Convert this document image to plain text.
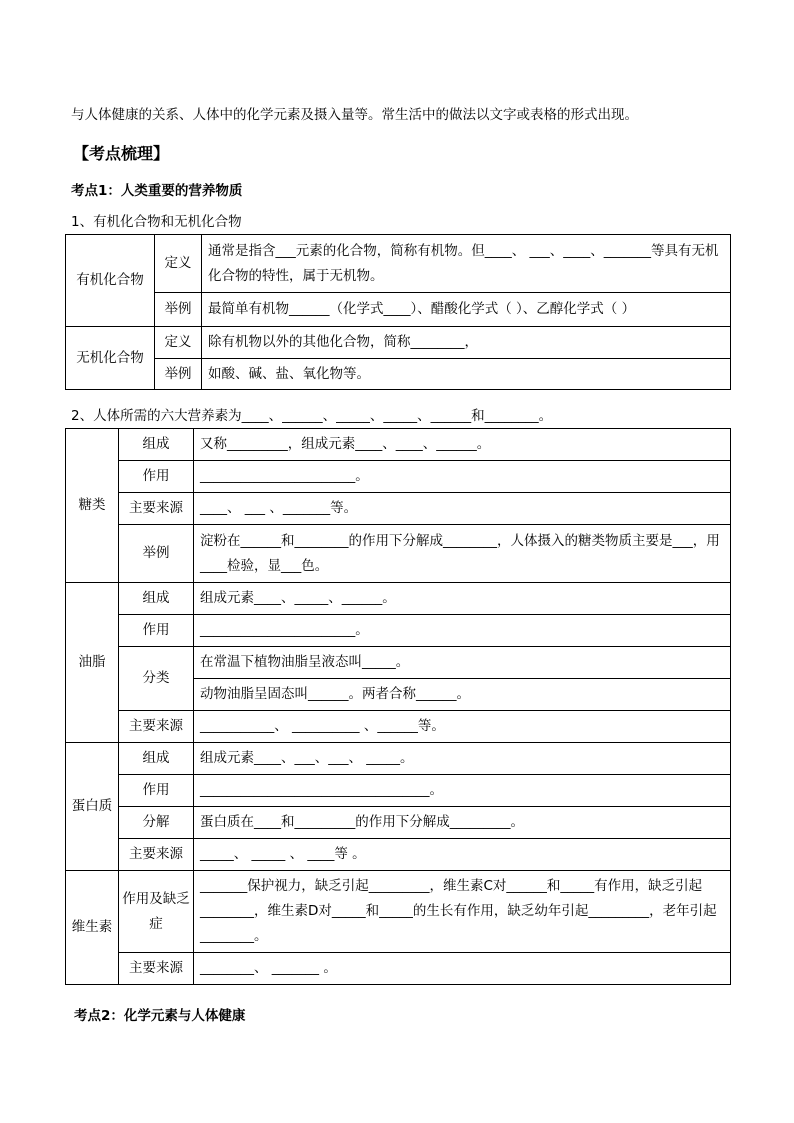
与人体健康的关系、人体中的化学元素及摄入量等。常生活中的做法以文字或表格的形式出现。
【考点梳理】
考点1：人类重要的营养物质
1、有机化合物和无机化合物
有机化合物	定义	通常是指含___元素的化合物，简称有机物。但____、 ___、____、_______等具有无机化合物的特性，属于无机物。
	举例	最简单有机物______（化学式____）、醋酸化学式（ ）、乙醇化学式（ ）
无机化合物	定义	除有机物以外的其他化合物，简称________，
	举例	如酸、碱、盐、氧化物等。
2、人体所需的六大营养素为____、______、_____、_____、______和________。
糖类	组成	又称_________，组成元素____、____、______。
	作用	_______________________。
	主要来源	____、 ___ 、_______等。
	举例	淀粉在______和________的作用下分解成________，人体摄入的糖类物质主要是___，用____检验，显___色。
油脂	组成	组成元素____、_____、______。
	作用	_______________________。
	分类	在常温下植物油脂呈液态叫_____。
		动物油脂呈固态叫______。两者合称______。
	主要来源	___________、 __________ 、______等。
蛋白质	组成	组成元素____、___、___、 _____。
	作用	__________________________________。
	分解	蛋白质在____和_________的作用下分解成_________。
	主要来源	_____、 _____ 、 ____等 。
维生素	作用及缺乏症	_______保护视力，缺乏引起_________，维生素C对______和_____有作用，缺乏引起________，维生素D对_____和_____的生长有作用，缺乏幼年引起_________，老年引起________。
	主要来源	________、 _______ 。
考点2：化学元素与人体健康
